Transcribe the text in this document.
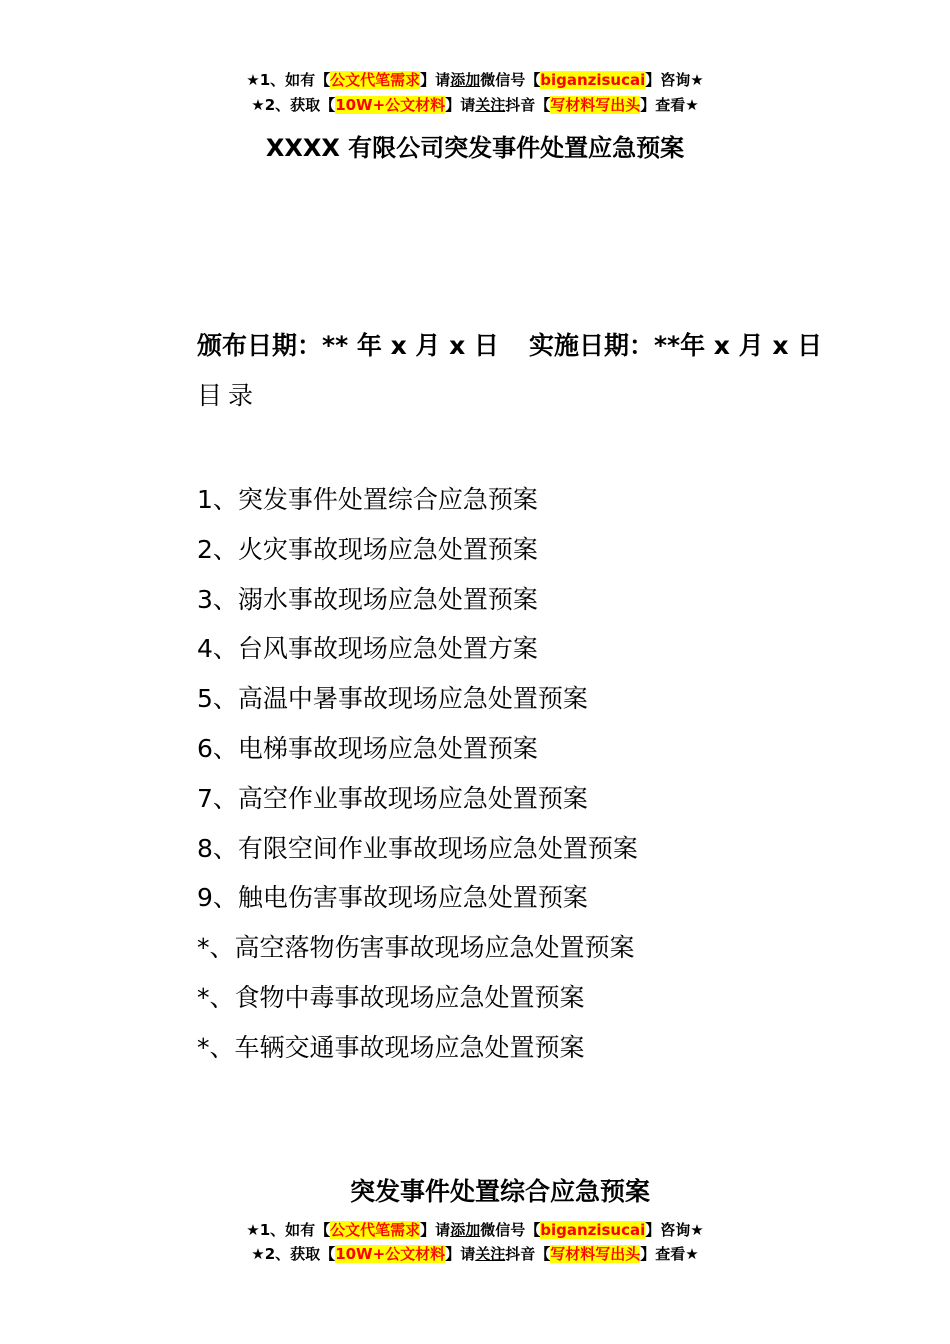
★1、如有【公文代笔需求】请添加微信号【biganzisucai】咨询★
★2、获取【10W+公文材料】请关注抖音【写材料写出头】查看★
XXXX 有限公司突发事件处置应急预案
颁布日期：** 年 x 月 x 日 实施日期：**年 x 月 x 日
目录
1、突发事件处置综合应急预案
2、火灾事故现场应急处置预案
3、溺水事故现场应急处置预案
4、台风事故现场应急处置方案
5、高温中暑事故现场应急处置预案
6、电梯事故现场应急处置预案
7、高空作业事故现场应急处置预案
8、有限空间作业事故现场应急处置预案
9、触电伤害事故现场应急处置预案
*、高空落物伤害事故现场应急处置预案
*、食物中毒事故现场应急处置预案
*、车辆交通事故现场应急处置预案
突发事件处置综合应急预案
★1、如有【公文代笔需求】请添加微信号【biganzisucai】咨询★
★2、获取【10W+公文材料】请关注抖音【写材料写出头】查看★
